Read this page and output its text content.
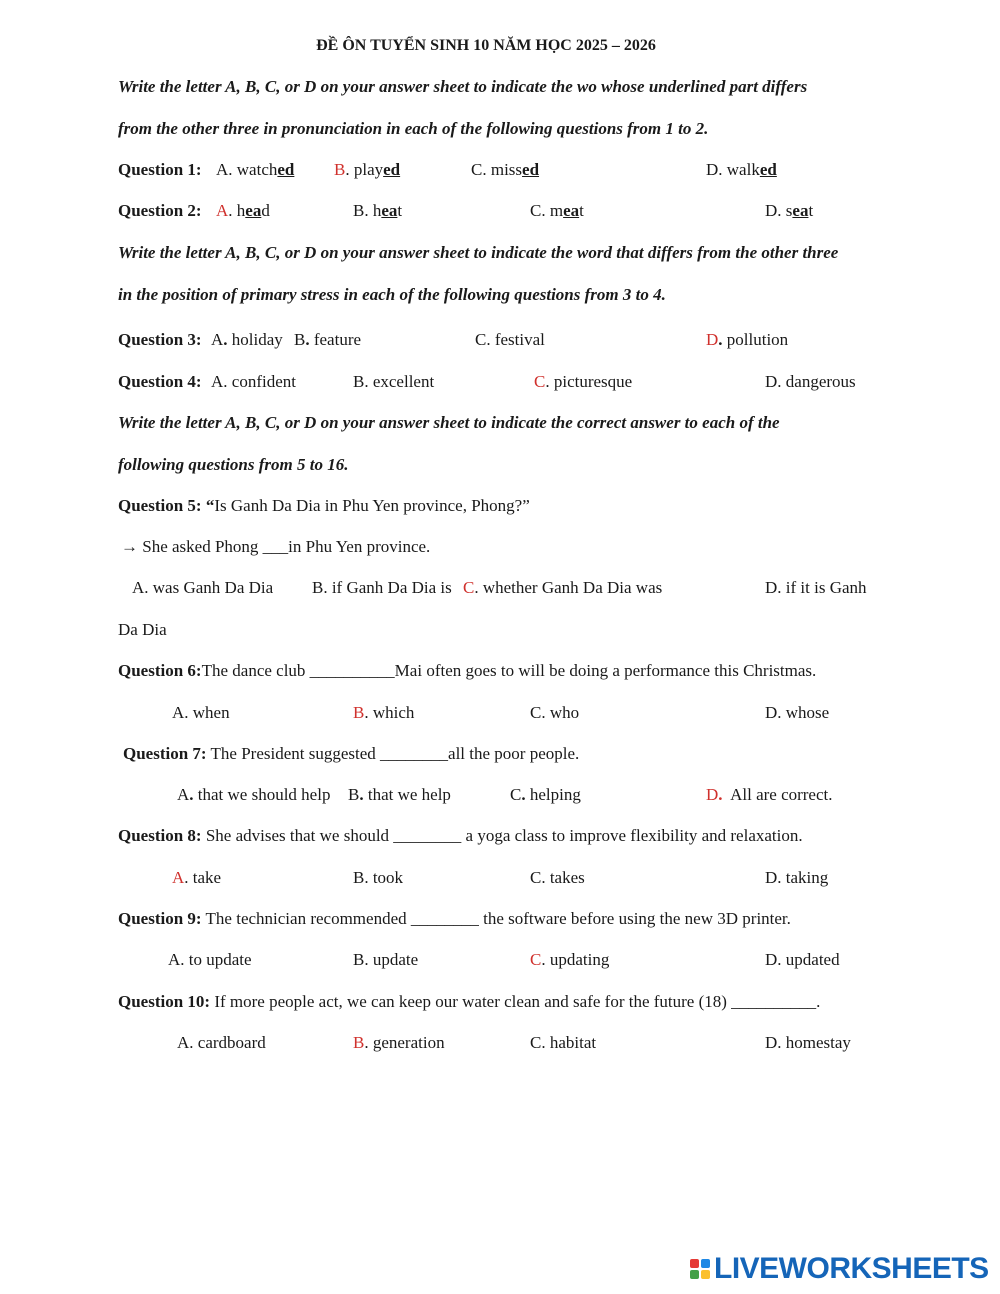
ĐỀ ÔN TUYỂN SINH 10 NĂM HỌC 2025 – 2026
Write the letter A, B, C, or D on your answer sheet to indicate the wo whose underlined part differs
from the other three in pronunciation in each of the following questions from 1 to 2.
Question 1: A. watched B. played	C. missed	D. walked
Question 2: A. head	B. heat	C. meat	D. seat
Write the letter A, B, C, or D on your answer sheet to indicate the word that differs from the other three
in the position of primary stress in each of the following questions from 3 to 4.
Question 3: A. holiday B. feature	C. festival	D. pollution
Question 4: A. confident	B. excellent	C. picturesque	D. dangerous
Write the letter A, B, C, or D on your answer sheet to indicate the correct answer to each of the
following questions from 5 to 16.
Question 5: “Is Ganh Da Dia in Phu Yen province, Phong?”
→ She asked Phong ___in Phu Yen province.
A. was Ganh Da Dia B. if Ganh Da Dia is C. whether Ganh Da Dia was	D. if it is Ganh
Da Dia
Question 6:The dance club __________Mai often goes to will be doing a performance this Christmas.
A. when	B. which	C. who	D. whose
Question 7: The President suggested ________all the poor people.
A. that we should help B. that we help	C. helping	D. All are correct.
Question 8: She advises that we should ________ a yoga class to improve flexibility and relaxation.
A. take	B. took	C. takes	D. taking
Question 9: The technician recommended ________ the software before using the new 3D printer.
A. to update	B. update	C. updating	D. updated
Question 10: If more people act, we can keep our water clean and safe for the future (18) __________.
A. cardboard	B. generation	C. habitat	D. homestay
LIVEWORKSHEETS
